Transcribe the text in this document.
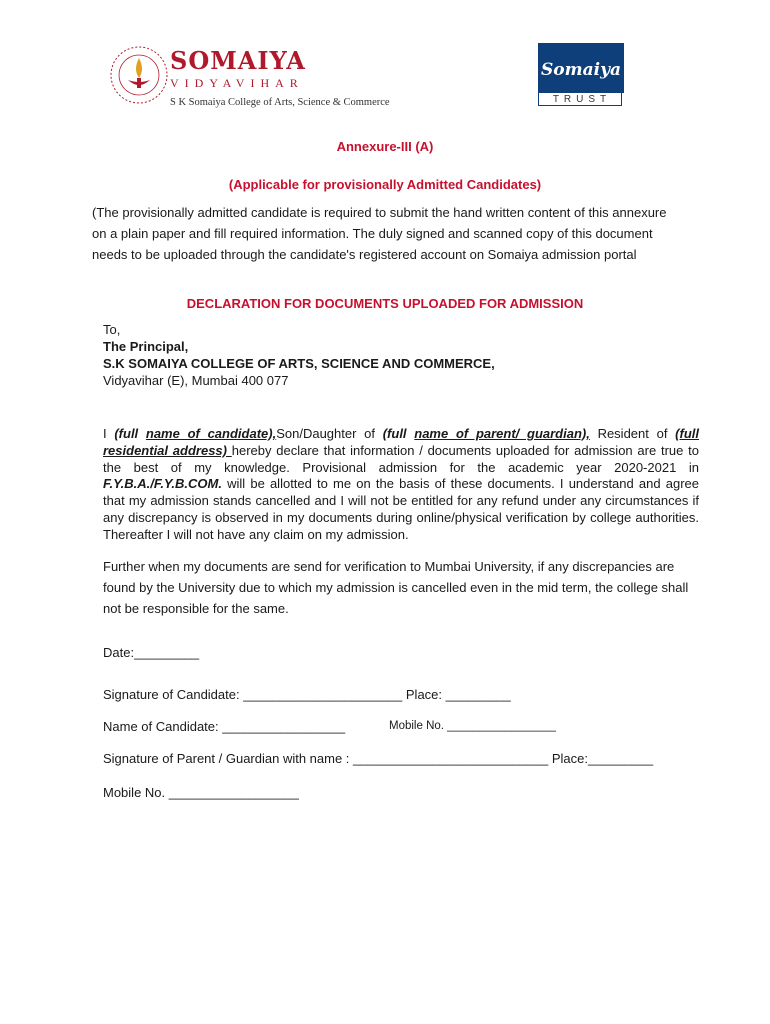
SOMAIYA
VIDYAVIHAR
S K Somaiya College of Arts, Science & Commerce
Somaiya
TRUST
Annexure-III (A)
(Applicable for provisionally Admitted Candidates)
(The provisionally admitted candidate is required to submit the hand written content of this annexure on a plain paper and fill required information. The duly signed and scanned copy of this document needs to be uploaded through the candidate's registered account on Somaiya admission portal
DECLARATION FOR DOCUMENTS UPLOADED FOR ADMISSION
To,
The Principal,
S.K SOMAIYA COLLEGE OF ARTS, SCIENCE AND COMMERCE,
Vidyavihar (E), Mumbai 400 077
I (full name of candidate),Son/Daughter of (full name of parent/ guardian), Resident of (full residential address) hereby declare that information / documents uploaded for admission are true to the best of my knowledge. Provisional admission for the academic year 2020-2021 in F.Y.B.A./F.Y.B.COM. will be allotted to me on the basis of these documents. I understand and agree that my admission stands cancelled and I will not be entitled for any refund under any circumstances if any discrepancy is observed in my documents during online/physical verification by college authorities. Thereafter I will not have any claim on my admission.
Further when my documents are send for verification to Mumbai University, if any discrepancies are found by the University due to which my admission is cancelled even in the mid term, the college shall not be responsible for the same.
Date:_________
Signature of Candidate: ______________________ Place: _________
Name of Candidate: _________________	Mobile No. _________________
Signature of Parent / Guardian with name : ___________________________ Place:_________
Mobile No. __________________
